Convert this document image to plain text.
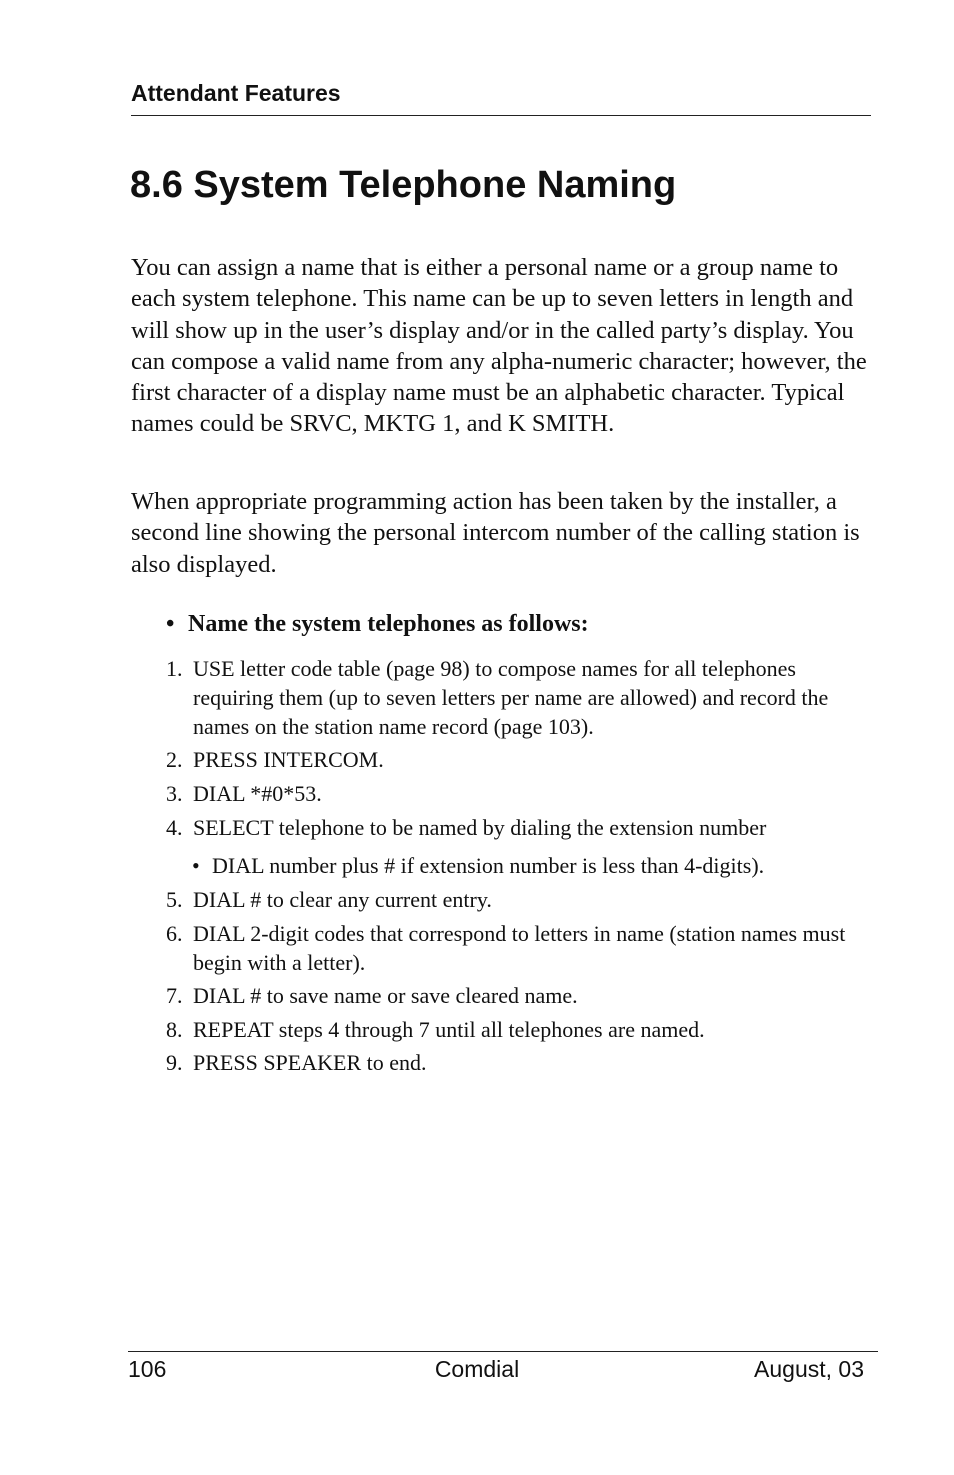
Attendant Features
8.6 System Telephone Naming

You can assign a name that is either a personal name or a group name to each system telephone. This name can be up to seven letters in length and will show up in the user’s display and/or in the called party’s display. You can compose a valid name from any alpha-numeric character; however, the first character of a display name must be an alphabetic character. Typical names could be SRVC, MKTG 1, and K SMITH.

When appropriate programming action has been taken by the installer, a second line showing the personal intercom number of the calling station is also displayed.

• Name the system telephones as follows:
1. USE letter code table (page 98) to compose names for all telephones requiring them (up to seven letters per name are allowed) and record the names on the station name record (page 103).
2. PRESS INTERCOM.
3. DIAL *#0*53.
4. SELECT telephone to be named by dialing the extension number
• DIAL number plus # if extension number is less than 4-digits).
5. DIAL # to clear any current entry.
6. DIAL 2-digit codes that correspond to letters in name (station names must begin with a letter).
7. DIAL # to save name or save cleared name.
8. REPEAT steps 4 through 7 until all telephones are named.
9. PRESS SPEAKER to end.
106	Comdial	August, 03
